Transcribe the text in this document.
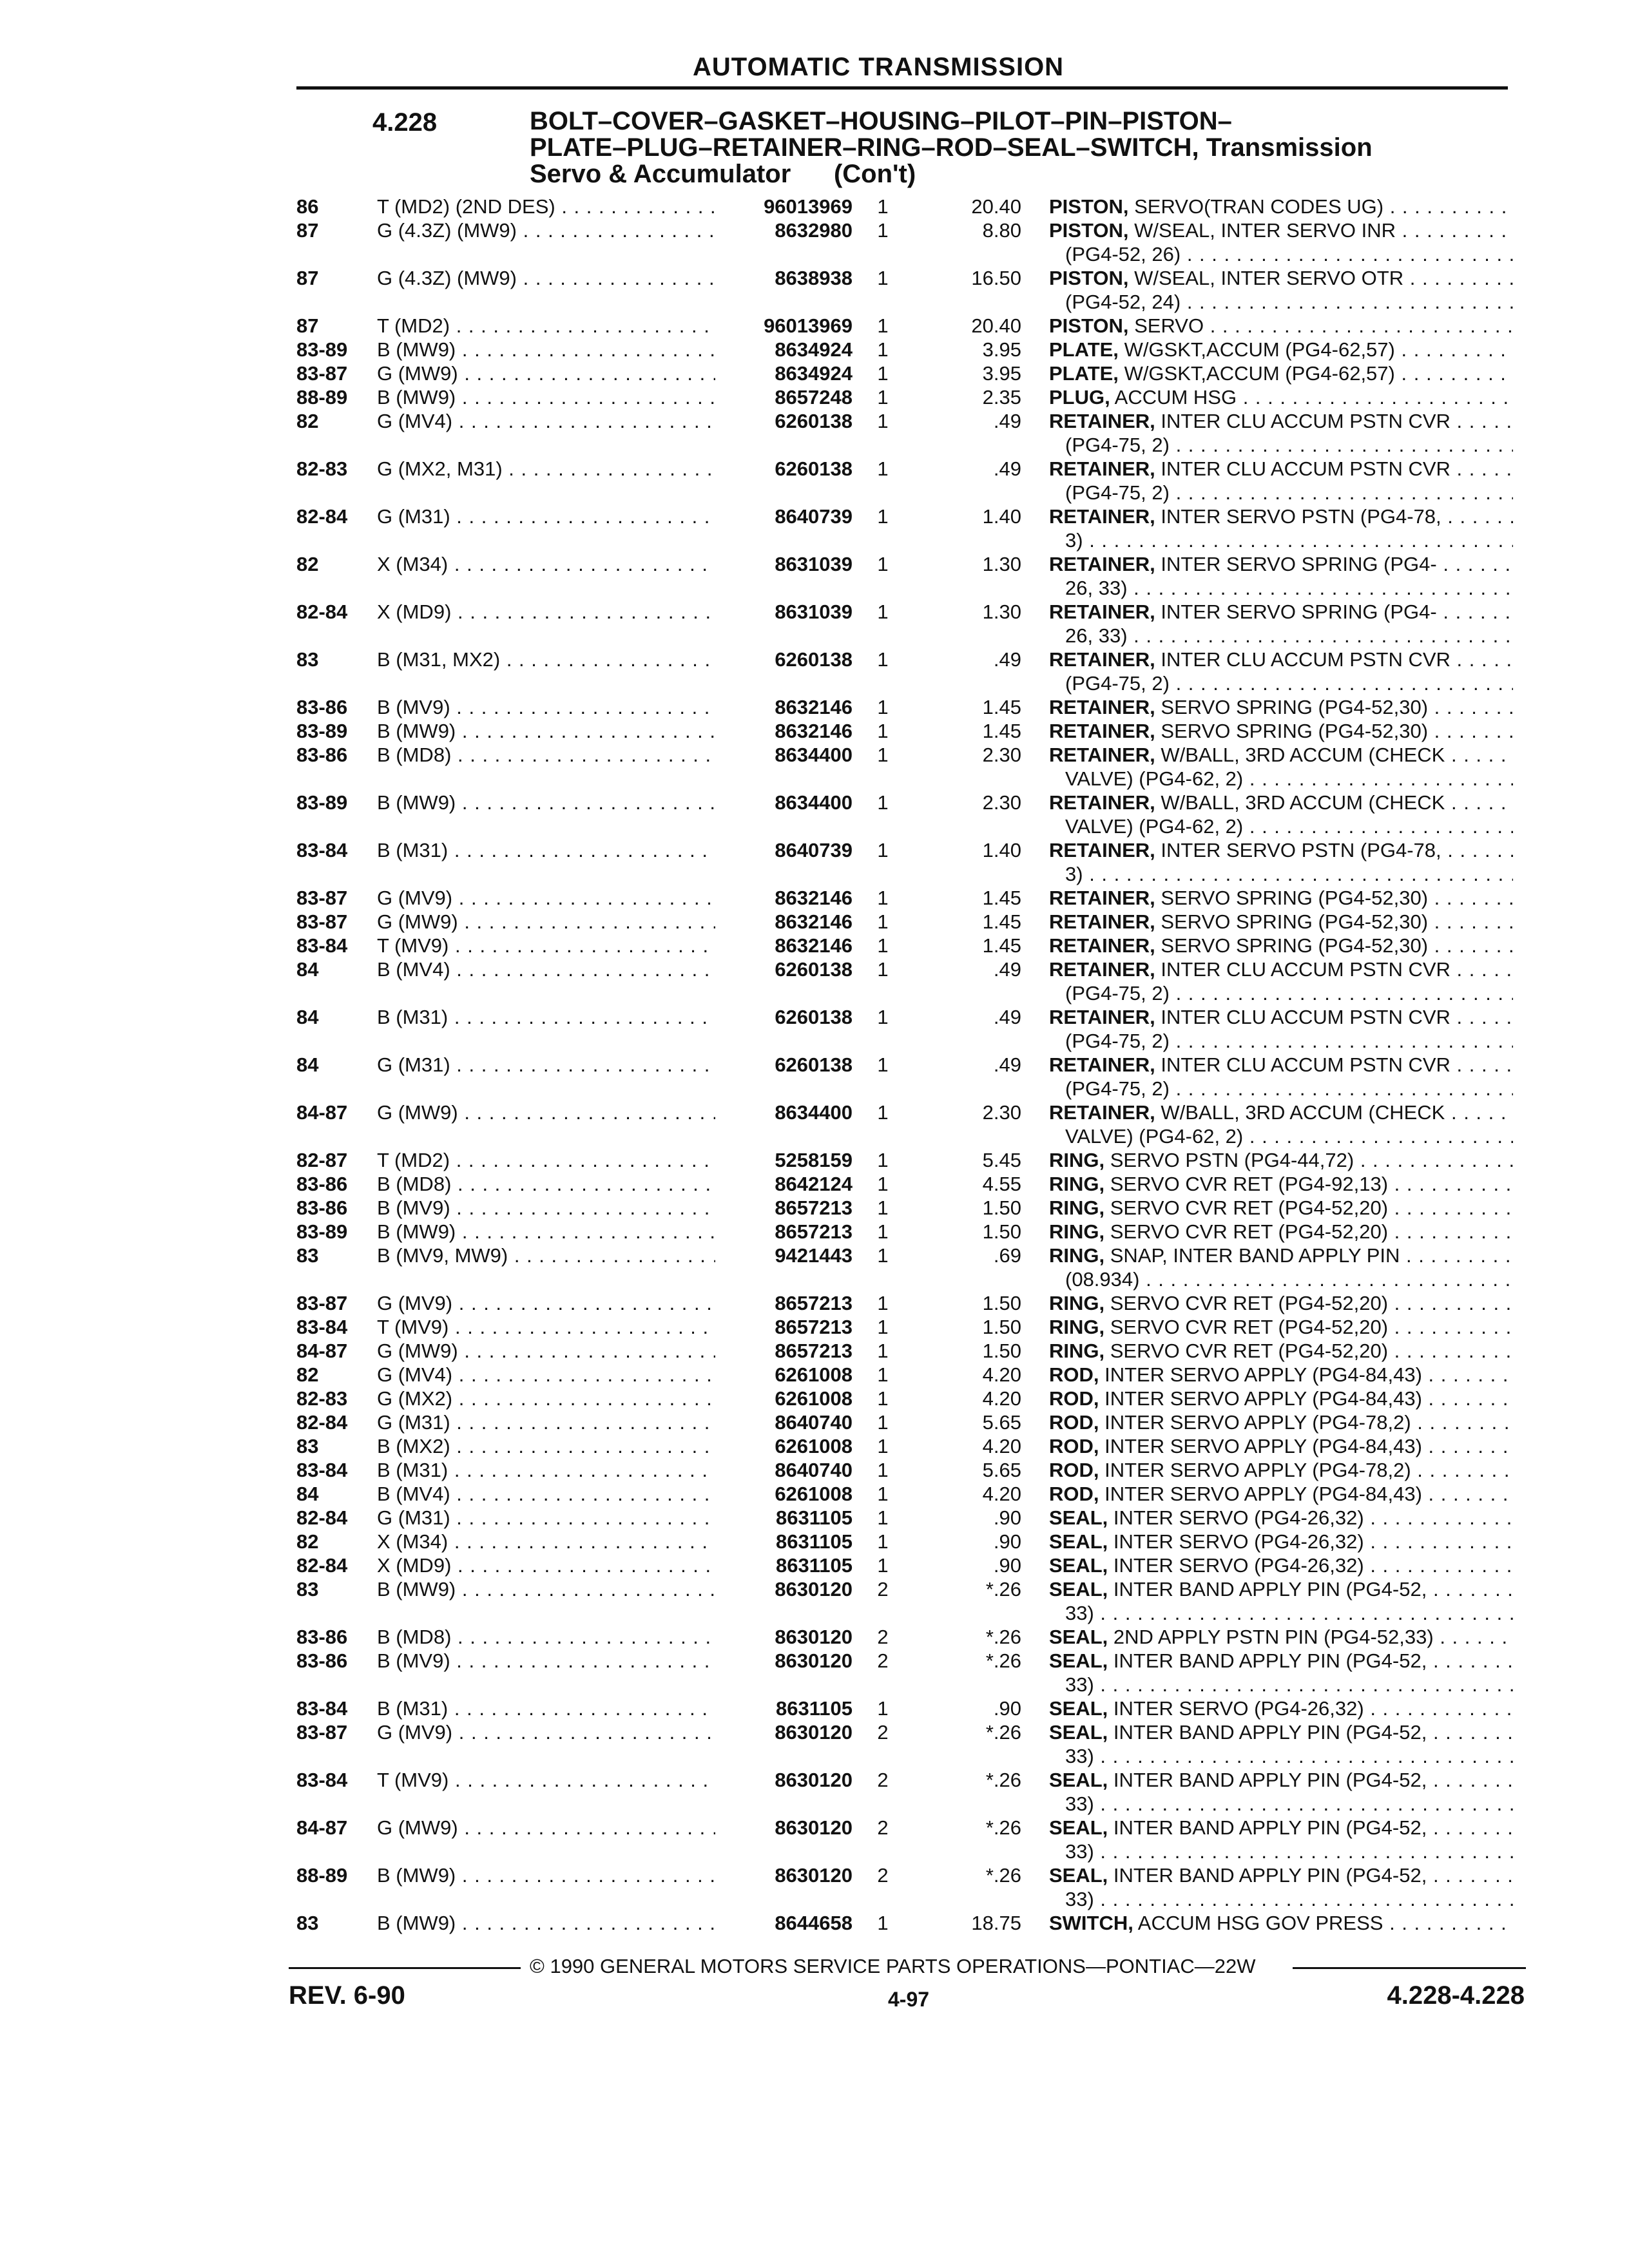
AUTOMATIC TRANSMISSION
4.228	BOLT–COVER–GASKET–HOUSING–PILOT–PIN–PISTON–
PLATE–PLUG–RETAINER–RING–ROD–SEAL–SWITCH, Transmission
Servo & Accumulator      (Con't)
86	T (MD2) (2ND DES) . . .	96013969 1	20.40 PISTON, SERVO(TRAN CODES UG) . . .
87	G (4.3Z) (MW9) . . .	8632980 1	8.80 PISTON, W/SEAL, INTER SERVO INR . . .
(PG4-52, 26) . . .
87	G (4.3Z) (MW9) . . .	8638938 1	16.50 PISTON, W/SEAL, INTER SERVO OTR . . .
(PG4-52, 24) . . .
87	T (MD2) . . .	96013969 1	20.40 PISTON, SERVO . . .
83-89 B (MW9) . . .	8634924 1	3.95 PLATE, W/GSKT,ACCUM (PG4-62,57) . . .
83-87 G (MW9) . . .	8634924 1	3.95 PLATE, W/GSKT,ACCUM (PG4-62,57) . . .
88-89 B (MW9) . . .	8657248 1	2.35 PLUG, ACCUM HSG . . .
82	G (MV4) . . .	6260138 1	.49 RETAINER, INTER CLU ACCUM PSTN CVR . . .
(PG4-75, 2) . . .
82-83 G (MX2, M31) . . .	6260138 1	.49 RETAINER, INTER CLU ACCUM PSTN CVR . . .
(PG4-75, 2) . . .
82-84 G (M31) . . .	8640739 1	1.40 RETAINER, INTER SERVO PSTN (PG4-78, . . .
3) . . .
82	X (M34) . . .	8631039 1	1.30 RETAINER, INTER SERVO SPRING (PG4- . . .
26, 33) . . .
82-84 X (MD9) . . .	8631039 1	1.30 RETAINER, INTER SERVO SPRING (PG4- . . .
26, 33) . . .
83	B (M31, MX2) . . .	6260138 1	.49 RETAINER, INTER CLU ACCUM PSTN CVR . . .
(PG4-75, 2) . . .
83-86 B (MV9) . . .	8632146 1	1.45 RETAINER, SERVO SPRING (PG4-52,30) . . .
83-89 B (MW9) . . .	8632146 1	1.45 RETAINER, SERVO SPRING (PG4-52,30) . . .
83-86 B (MD8) . . .	8634400 1	2.30 RETAINER, W/BALL, 3RD ACCUM (CHECK . . .
VALVE) (PG4-62, 2) . . .
83-89 B (MW9) . . .	8634400 1	2.30 RETAINER, W/BALL, 3RD ACCUM (CHECK . . .
VALVE) (PG4-62, 2) . . .
83-84 B (M31) . . .	8640739 1	1.40 RETAINER, INTER SERVO PSTN (PG4-78, . . .
3) . . .
83-87 G (MV9) . . .	8632146 1	1.45 RETAINER, SERVO SPRING (PG4-52,30) . . .
83-87 G (MW9) . . .	8632146 1	1.45 RETAINER, SERVO SPRING (PG4-52,30) . . .
83-84 T (MV9) . . .	8632146 1	1.45 RETAINER, SERVO SPRING (PG4-52,30) . . .
84	B (MV4) . . .	6260138 1	.49 RETAINER, INTER CLU ACCUM PSTN CVR . . .
(PG4-75, 2) . . .
84	B (M31) . . .	6260138 1	.49 RETAINER, INTER CLU ACCUM PSTN CVR . . .
(PG4-75, 2) . . .
84	G (M31) . . .	6260138 1	.49 RETAINER, INTER CLU ACCUM PSTN CVR . . .
(PG4-75, 2) . . .
84-87 G (MW9) . . .	8634400 1	2.30 RETAINER, W/BALL, 3RD ACCUM (CHECK . . .
VALVE) (PG4-62, 2) . . .
82-87 T (MD2) . . .	5258159 1	5.45 RING, SERVO PSTN (PG4-44,72) . . .
83-86 B (MD8) . . .	8642124 1	4.55 RING, SERVO CVR RET (PG4-92,13) . . .
83-86 B (MV9) . . .	8657213 1	1.50 RING, SERVO CVR RET (PG4-52,20) . . .
83-89 B (MW9) . . .	8657213 1	1.50 RING, SERVO CVR RET (PG4-52,20) . . .
83	B (MV9, MW9) . . .	9421443 1	.69 RING, SNAP, INTER BAND APPLY PIN . . .
(08.934) . . .
83-87 G (MV9) . . .	8657213 1	1.50 RING, SERVO CVR RET (PG4-52,20) . . .
83-84 T (MV9) . . .	8657213 1	1.50 RING, SERVO CVR RET (PG4-52,20) . . .
84-87 G (MW9) . . .	8657213 1	1.50 RING, SERVO CVR RET (PG4-52,20) . . .
82	G (MV4) . . .	6261008 1	4.20 ROD, INTER SERVO APPLY (PG4-84,43) . . .
82-83 G (MX2) . . .	6261008 1	4.20 ROD, INTER SERVO APPLY (PG4-84,43) . . .
82-84 G (M31) . . .	8640740 1	5.65 ROD, INTER SERVO APPLY (PG4-78,2) . . .
83	B (MX2) . . .	6261008 1	4.20 ROD, INTER SERVO APPLY (PG4-84,43) . . .
83-84 B (M31) . . .	8640740 1	5.65 ROD, INTER SERVO APPLY (PG4-78,2) . . .
84	B (MV4) . . .	6261008 1	4.20 ROD, INTER SERVO APPLY (PG4-84,43) . . .
82-84 G (M31) . . .	8631105 1	.90 SEAL, INTER SERVO (PG4-26,32) . . .
82	X (M34) . . .	8631105 1	.90 SEAL, INTER SERVO (PG4-26,32) . . .
82-84 X (MD9) . . .	8631105 1	.90 SEAL, INTER SERVO (PG4-26,32) . . .
83	B (MW9) . . .	8630120 2	*.26 SEAL, INTER BAND APPLY PIN (PG4-52, . . .
33) . . .
83-86 B (MD8) . . .	8630120 2	*.26 SEAL, 2ND APPLY PSTN PIN (PG4-52,33) . . .
83-86 B (MV9) . . .	8630120 2	*.26 SEAL, INTER BAND APPLY PIN (PG4-52, . . .
33) . . .
83-84 B (M31) . . .	8631105 1	.90 SEAL, INTER SERVO (PG4-26,32) . . .
83-87 G (MV9) . . .	8630120 2	*.26 SEAL, INTER BAND APPLY PIN (PG4-52, . . .
33) . . .
83-84 T (MV9) . . .	8630120 2	*.26 SEAL, INTER BAND APPLY PIN (PG4-52, . . .
33) . . .
84-87 G (MW9) . . .	8630120 2	*.26 SEAL, INTER BAND APPLY PIN (PG4-52, . . .
33) . . .
88-89 B (MW9) . . .	8630120 2	*.26 SEAL, INTER BAND APPLY PIN (PG4-52, . . .
33) . . .
83	B (MW9) . . .	8644658 1	18.75 SWITCH, ACCUM HSG GOV PRESS . . .
© 1990 GENERAL MOTORS SERVICE PARTS OPERATIONS—PONTIAC—22W
REV. 6-90	4-97	4.228-4.228
